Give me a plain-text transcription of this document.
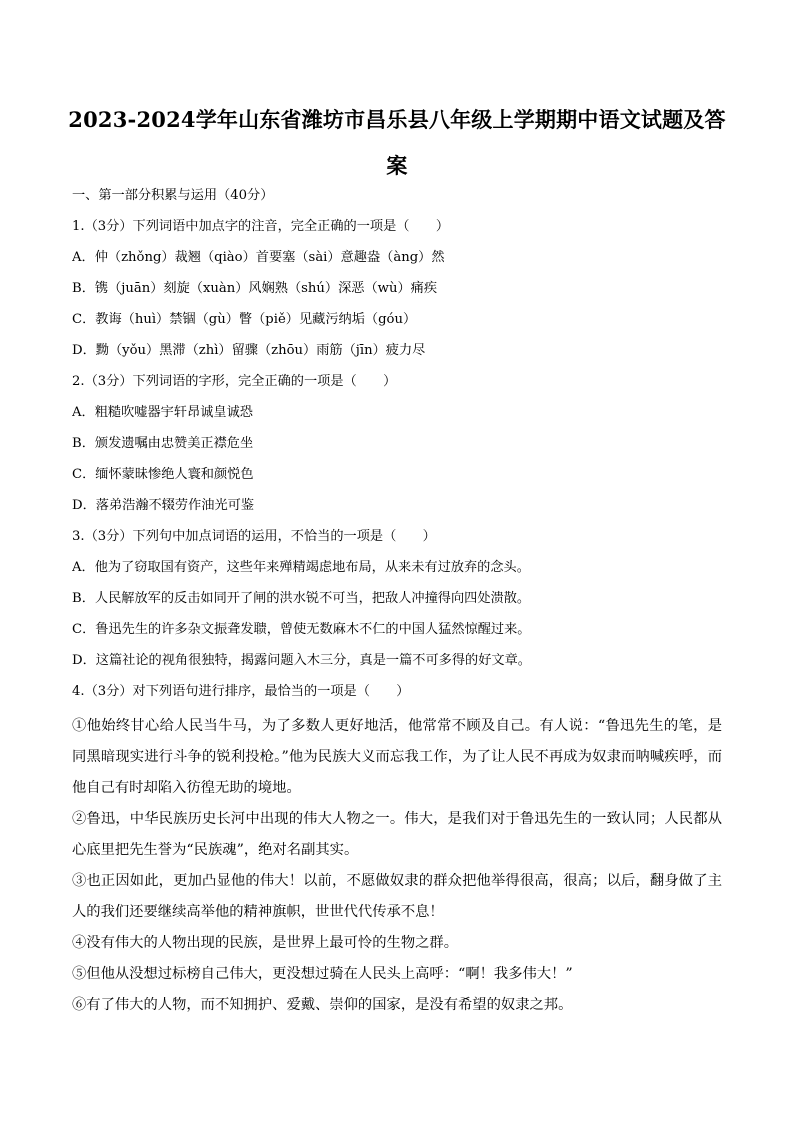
2023-2024学年山东省潍坊市昌乐县八年级上学期期中语文试题及答案
一、第一部分积累与运用（40分）
1.（3分）下列词语中加点字的注音，完全正确的一项是（　　）
A．仲（zhǒng）裁翘（qiào）首要塞（sài）意趣盎（àng）然
B．镌（juān）刻旋（xuàn）风娴熟（shú）深恶（wù）痛疾
C．教诲（huì）禁锢（gù）瞥（piě）见藏污纳垢（góu）
D．黝（yǒu）黑滞（zhì）留骤（zhōu）雨筋（jīn）疲力尽
2.（3分）下列词语的字形，完全正确的一项是（　　）
A．粗糙吹嘘器宇轩昂诚皇诚恐
B．颁发遗嘱由忠赞美正襟危坐
C．缅怀蒙昧惨绝人寰和颜悦色
D．落弟浩瀚不辍劳作油光可鉴
3.（3分）下列句中加点词语的运用，不恰当的一项是（　　）
A．他为了窃取国有资产，这些年来殚精竭虑地布局，从来未有过放弃的念头。
B．人民解放军的反击如同开了闸的洪水锐不可当，把敌人冲撞得向四处溃散。
C．鲁迅先生的许多杂文振聋发聩，曾使无数麻木不仁的中国人猛然惊醒过来。
D．这篇社论的视角很独特，揭露问题入木三分，真是一篇不可多得的好文章。
4.（3分）对下列语句进行排序，最恰当的一项是（　　）
①他始终甘心给人民当牛马，为了多数人更好地活，他常常不顾及自己。有人说：“鲁迅先生的笔，是同黑暗现实进行斗争的锐利投枪。”他为民族大义而忘我工作，为了让人民不再成为奴隶而呐喊疾呼，而他自己有时却陷入彷徨无助的境地。
②鲁迅，中华民族历史长河中出现的伟大人物之一。伟大，是我们对于鲁迅先生的一致认同；人民都从心底里把先生誉为“民族魂”，绝对名副其实。
③也正因如此，更加凸显他的伟大！以前，不愿做奴隶的群众把他举得很高，很高；以后，翻身做了主人的我们还要继续高举他的精神旗帜，世世代代传承不息！
④没有伟大的人物出现的民族，是世界上最可怜的生物之群。
⑤但他从没想过标榜自己伟大，更没想过骑在人民头上高呼：“啊！我多伟大！”
⑥有了伟大的人物，而不知拥护、爱戴、崇仰的国家，是没有希望的奴隶之邦。
